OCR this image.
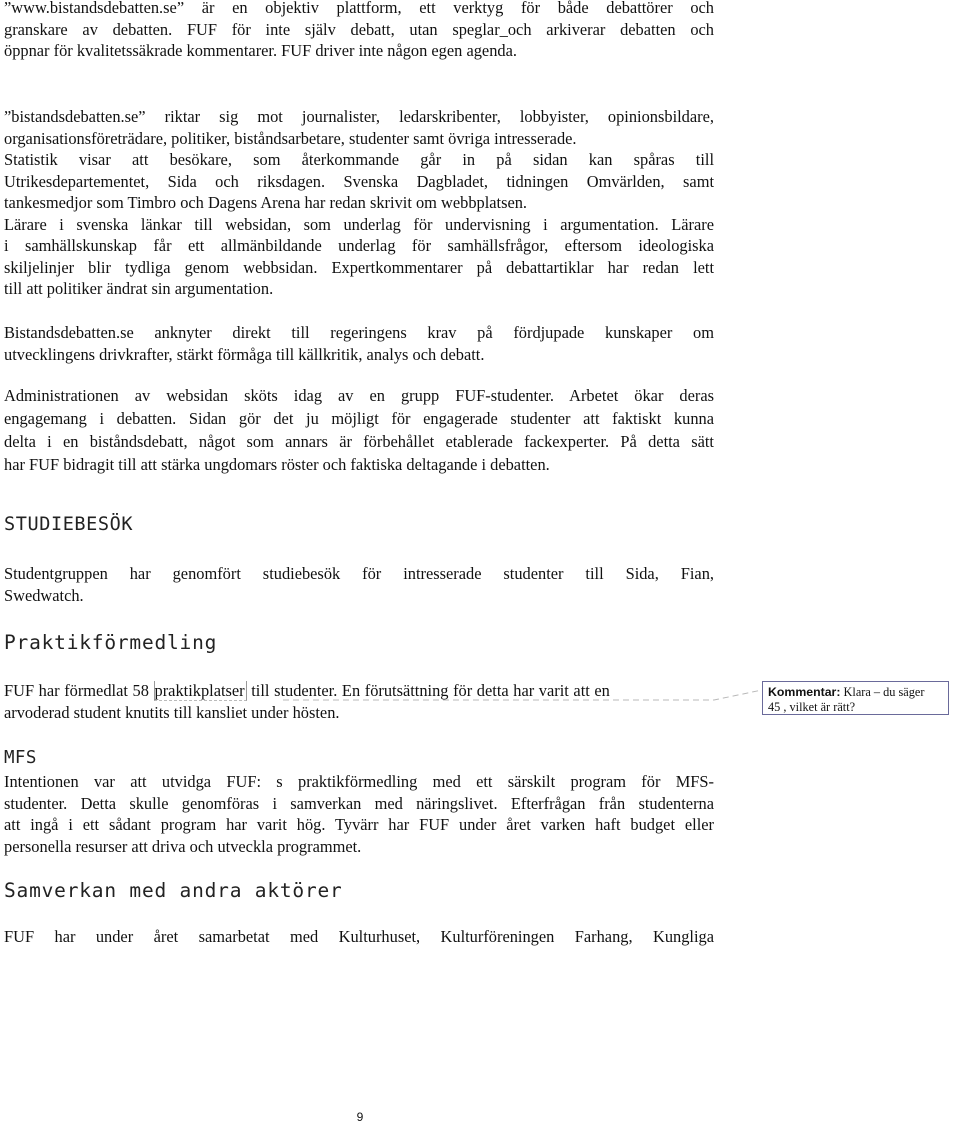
”www.bistandsdebatten.se” är en objektiv plattform, ett verktyg för både debattörer och

granskare av debatten. FUF för inte själv debatt, utan speglar_och arkiverar debatten och

öppnar för kvalitetssäkrade kommentarer. FUF driver inte någon egen agenda.

”bistandsdebatten.se” riktar sig mot journalister, ledarskribenter, lobbyister, opinionsbildare,

organisationsföreträdare, politiker, biståndsarbetare, studenter samt övriga intresserade.

Statistik visar att besökare, som återkommande går in på sidan kan spåras till

Utrikesdepartementet, Sida och riksdagen. Svenska Dagbladet, tidningen Omvärlden, samt

tankesmedjor som Timbro och Dagens Arena har redan skrivit om webbplatsen.

Lärare i svenska länkar till websidan, som underlag för undervisning i argumentation. Lärare

i samhällskunskap får ett allmänbildande underlag för samhällsfrågor, eftersom ideologiska

skiljelinjer blir tydliga genom webbsidan. Expertkommentarer på debattartiklar har redan lett

till att politiker ändrat sin argumentation.

Bistandsdebatten.se anknyter direkt till regeringens krav på fördjupade kunskaper om

utvecklingens drivkrafter, stärkt förmåga till källkritik, analys och debatt.

Administrationen av websidan sköts idag av en grupp FUF-studenter. Arbetet ökar deras

engagemang i debatten. Sidan gör det ju möjligt för engagerade studenter att faktiskt kunna

delta i en biståndsdebatt, något som annars är förbehållet etablerade fackexperter. På detta sätt

har FUF bidragit till att stärka ungdomars röster och faktiska deltagande i debatten.

STUDIEBESÖK

Studentgruppen har genomfört studiebesök för intresserade studenter till Sida, Fian,

Swedwatch.

Praktikförmedling

FUF har förmedlat 58 praktikplatser till studenter. En förutsättning för detta har varit att en

arvoderad student knutits till kansliet under hösten.

Kommentar: Klara – du säger
45 , vilket är rätt?
MFS

Intentionen var att utvidga FUF: s praktikförmedling med ett särskilt program för MFS-

studenter. Detta skulle genomföras i samverkan med näringslivet. Efterfrågan från studenterna

att ingå i ett sådant program har varit hög. Tyvärr har FUF under året varken haft budget eller

personella resurser att driva och utveckla programmet.

Samverkan med andra aktörer

FUF har under året samarbetat med Kulturhuset, Kulturföreningen Farhang, Kungliga

9
